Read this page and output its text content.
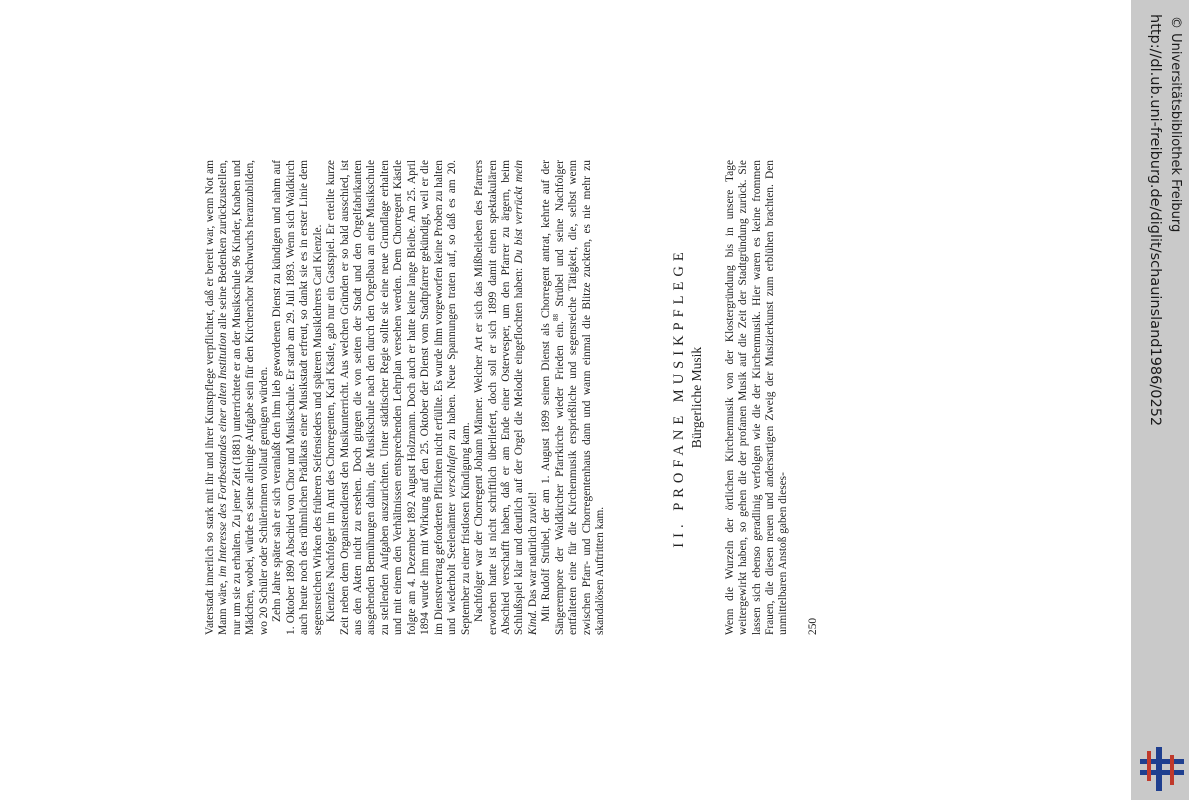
Vaterstadt innerlich so stark mit ihr und ihrer Kunstpflege verpflichtet, daß er bereit war, wenn Not am Mann wäre, im Interesse des Fortbestandes einer alten Institution alle seine Bedenken zurückzustellen, nur um sie zu erhalten. Zu jener Zeit (1881) unterrichtete er an der Musikschule 96 Kinder, Knaben und Mädchen, wobei, würde es seine alleinige Aufgabe sein für den Kirchenchor Nachwuchs heranzubilden, wo 20 Schüler oder Schülerinnen vollauf genügen würden. Zehn Jahre später sah er sich veranlaßt den ihm lieb gewordenen Dienst zu kündigen und nahm auf 1. Oktober 1890 Abschied von Chor und Musikschule. Er starb am 29. Juli 1893. Wenn sich Waldkirch auch heute noch des rühmlichen Prädikats einer Musikstadt erfreut, so dankt sie es in erster Linie dem segensreichen Wirken des früheren Seifensieders und späteren Musiklehrers Carl Kienzle. Kienzles Nachfolger im Amt des Chorregenten, Karl Kästle, gab nur ein Gastspiel. Er erteilte kurze Zeit neben dem Organistendienst den Musikunterricht. Aus welchen Gründen er so bald ausschied, ist aus den Akten nicht zu ersehen. Doch gingen die von seiten der Stadt und den Orgelfabrikanten ausgehenden Bemühungen dahin, die Musikschule nach den durch den Orgelbau an eine Musikschule zu stellenden Aufgaben auszurichten. Unter städtischer Regie sollte sie eine neue Grundlage erhalten und mit einem den Verhältnissen entsprechenden Lehrplan versehen werden. Dem Chorregent Kästle folgte am 4. Dezember 1892 August Holzmann. Doch auch er hatte keine lange Bleibe. Am 25. April 1894 wurde ihm mit Wirkung auf den 25. Oktober der Dienst vom Stadtpfarrer gekündigt, weil er die im Dienstvertrag geforderten Pflichten nicht erfüllte. Es wurde ihm vorgeworfen keine Proben zu halten und wiederholt Seelenämter verschlafen zu haben. Neue Spannungen traten auf, so daß es am 20. September zu einer fristlosen Kündigung kam. Nachfolger war der Chorregent Johann Männer. Welcher Art er sich das Mißbelieben des Pfarrers erworben hatte ist nicht schriftlich überliefert, doch soll er sich 1899 damit einen spektakulären Abschied verschafft haben, daß er am Ende einer Ostervesper, um den Pfarrer zu ärgern, beim Schlußspiel klar und deutlich auf der Orgel die Melodie eingeflochten haben: Du bist verrückt mein Kind. Das war natürlich zuviel! Mit Rudolf Strübel, der am 1. August 1899 seinen Dienst als Chorregent antrat, kehrte auf der Sängerempore der Waldkircher Pfarrkirche wieder Frieden ein.$^{88}$ Strübel und seine Nachfolger entfalteten eine für die Kirchenmusik ersprießliche und segensreiche Tätigkeit, die, selbst wenn zwischen Pfarr- und Chorregentenhaus dann und wann einmal die Blitze zuckten, es nie mehr zu skandalösen Auftritten kam.

II. PROFANE MUSIKPFLEGE Bürgerliche Musik Wenn die Wurzeln der örtlichen Kirchenmusik von der Klostergründung bis in unsere Tage weitergewirkt haben, so gehen die der profanen Musik auf die Zeit der Stadtgründung zurück. Sie lassen sich ebenso geradlinig verfolgen wie die der Kirchenmusik. Hier waren es keine frommen Frauen, die diesen neuen und andersartigen Zweig der Musizierkunst zum erblühen brachten. Den unmittelbaren Anstoß gaben dieses- 250
http://dl.ub.uni-freiburg.de/diglit/schauinsland1986/0252 © Universitätsbibliothek Freiburg
